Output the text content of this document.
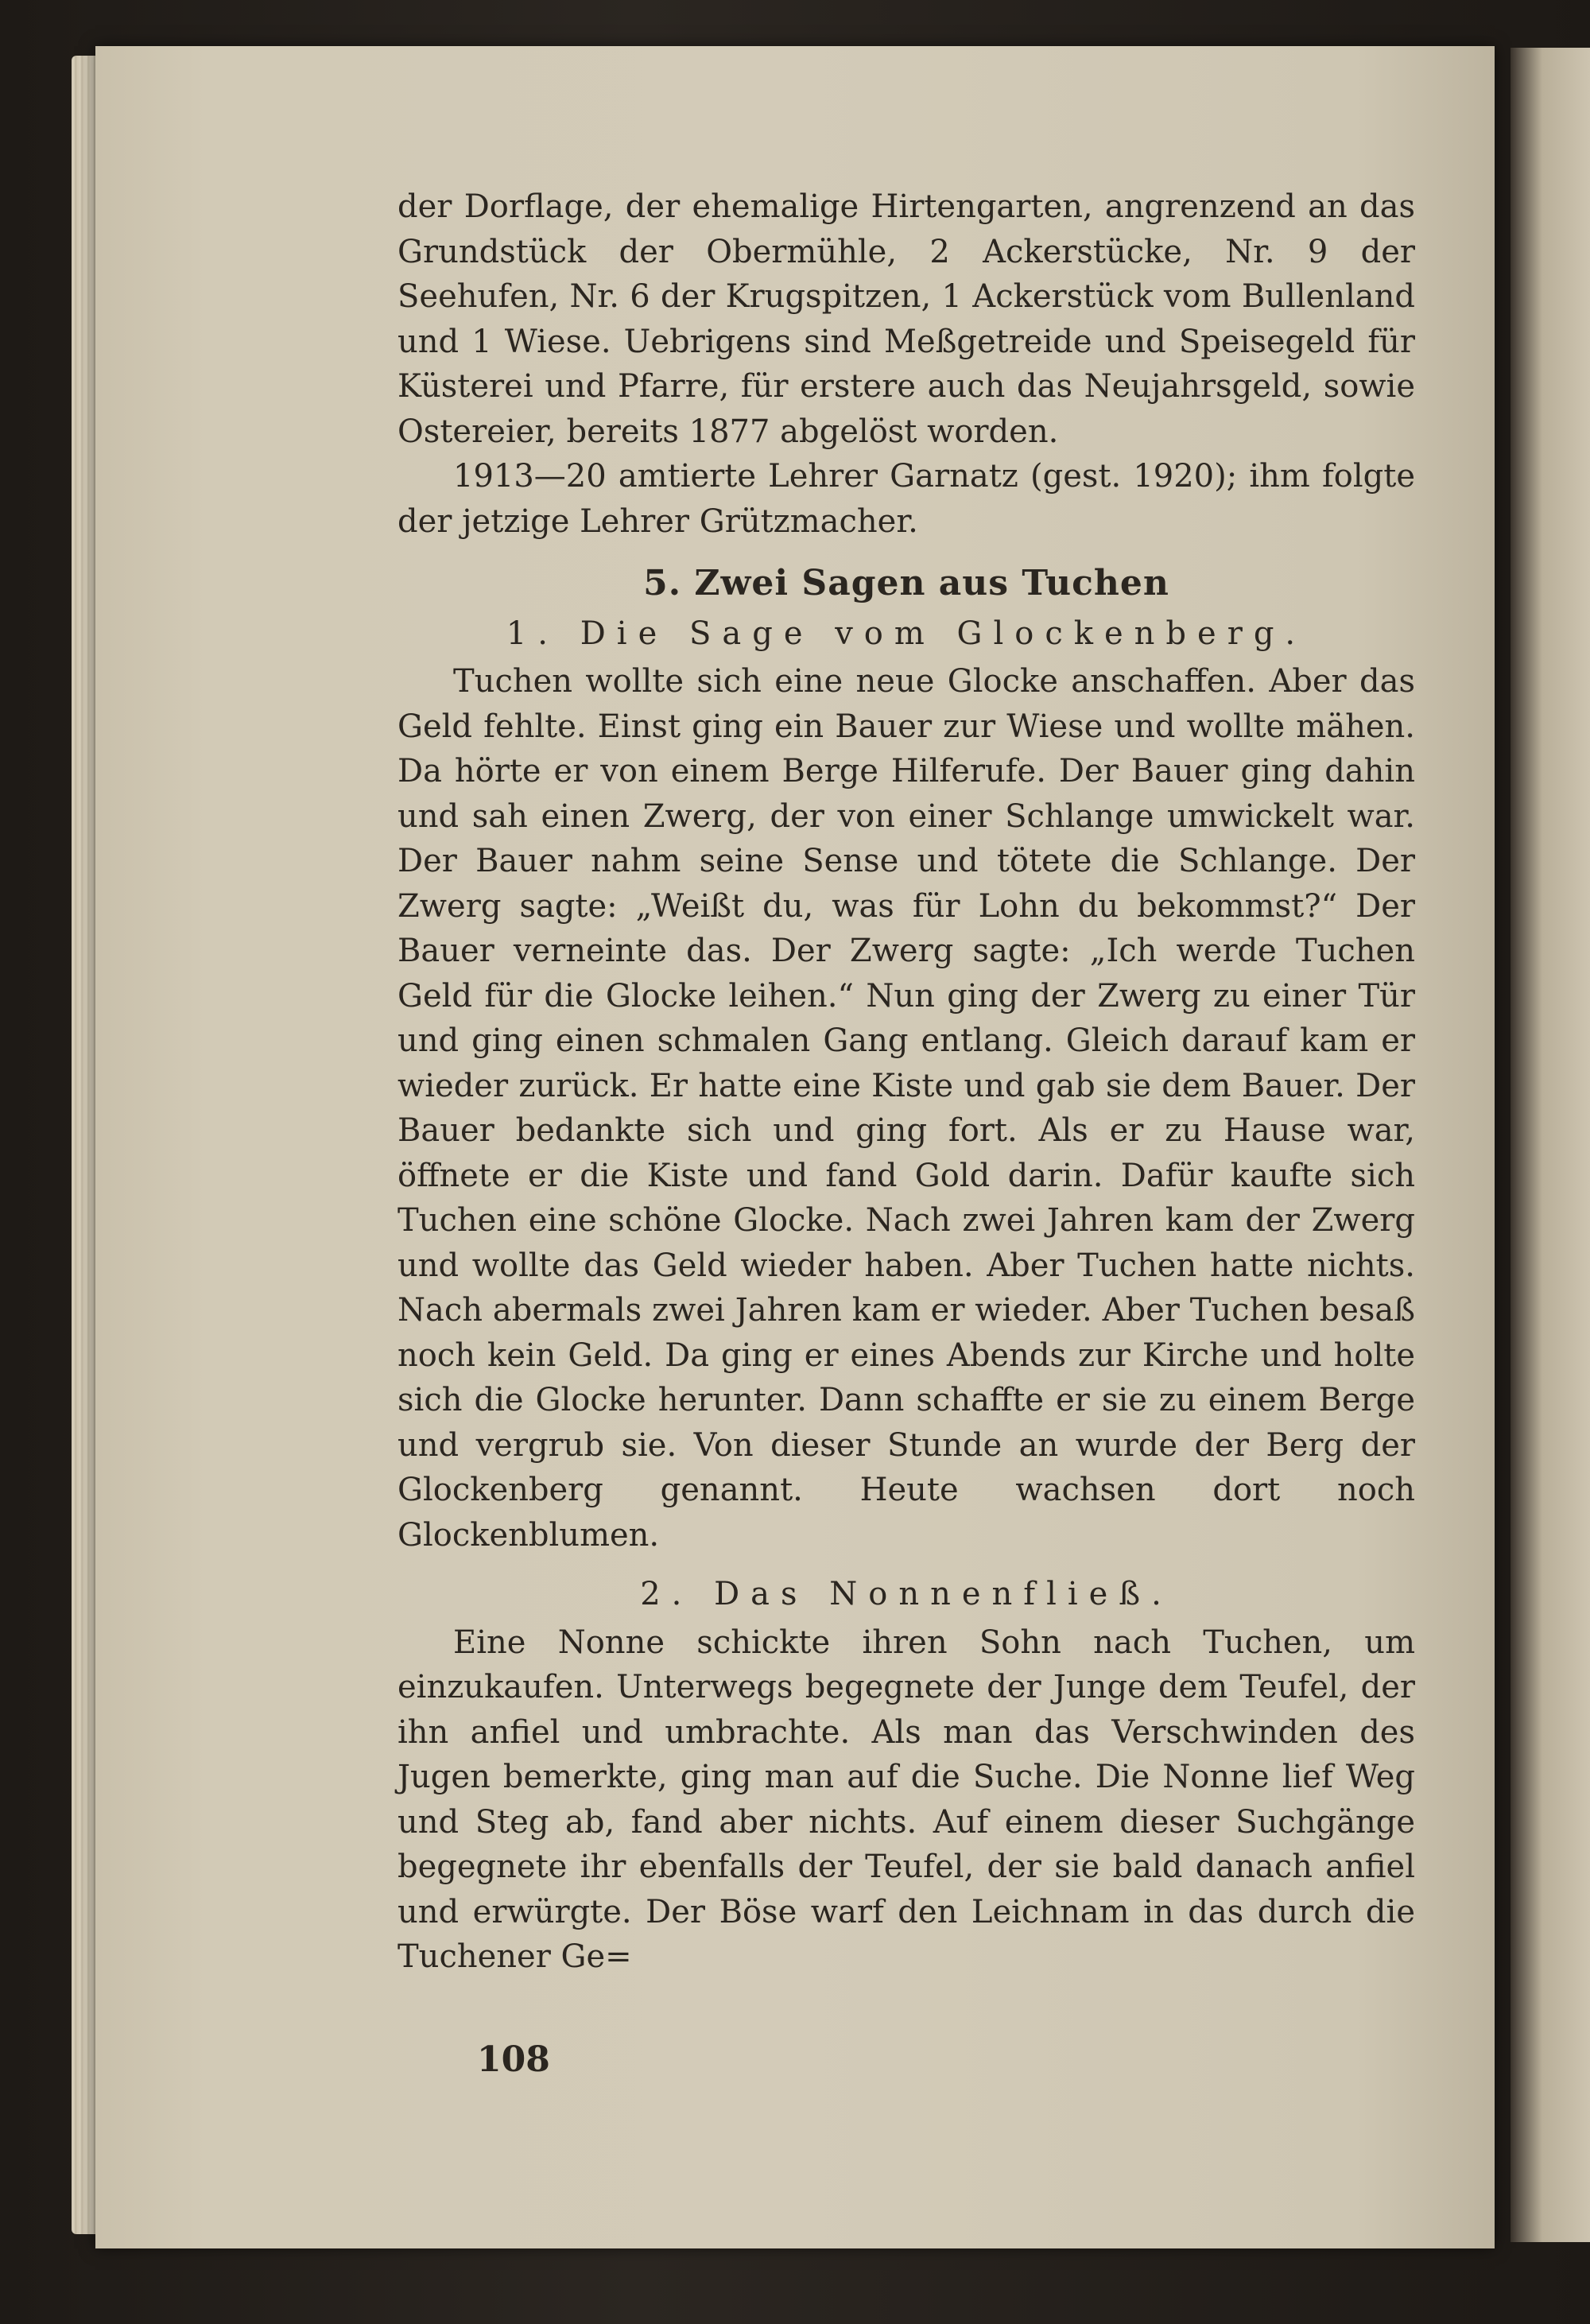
der Dorflage, der ehemalige Hirtengarten, angrenzend an das Grundstück der Obermühle, 2 Ackerstücke, Nr. 9 der Seehufen, Nr. 6 der Krugspitzen, 1 Ackerstück vom Bullenland und 1 Wiese. Uebrigens sind Meßgetreide und Speisegeld für Küsterei und Pfarre, für erstere auch das Neujahrsgeld, sowie Ostereier, bereits 1877 abgelöst worden.

1913—20 amtierte Lehrer Garnatz (gest. 1920); ihm folgte der jetzige Lehrer Grützmacher.

5. Zwei Sagen aus Tuchen
1. Die Sage vom Glockenberg.

Tuchen wollte sich eine neue Glocke anschaffen. Aber das Geld fehlte. Einst ging ein Bauer zur Wiese und wollte mähen. Da hörte er von einem Berge Hilferufe. Der Bauer ging dahin und sah einen Zwerg, der von einer Schlange umwickelt war. Der Bauer nahm seine Sense und tötete die Schlange. Der Zwerg sagte: „Weißt du, was für Lohn du bekommst?“ Der Bauer verneinte das. Der Zwerg sagte: „Ich werde Tuchen Geld für die Glocke leihen.“ Nun ging der Zwerg zu einer Tür und ging einen schmalen Gang entlang. Gleich darauf kam er wieder zurück. Er hatte eine Kiste und gab sie dem Bauer. Der Bauer bedankte sich und ging fort. Als er zu Hause war, öffnete er die Kiste und fand Gold darin. Dafür kaufte sich Tuchen eine schöne Glocke. Nach zwei Jahren kam der Zwerg und wollte das Geld wieder haben. Aber Tuchen hatte nichts. Nach abermals zwei Jahren kam er wieder. Aber Tuchen besaß noch kein Geld. Da ging er eines Abends zur Kirche und holte sich die Glocke herunter. Dann schaffte er sie zu einem Berge und vergrub sie. Von dieser Stunde an wurde der Berg der Glockenberg genannt. Heute wachsen dort noch Glockenblumen.

2. Das Nonnenfließ.

Eine Nonne schickte ihren Sohn nach Tuchen, um einzukaufen. Unterwegs begegnete der Junge dem Teufel, der ihn anfiel und umbrachte. Als man das Verschwinden des Jugen bemerkte, ging man auf die Suche. Die Nonne lief Weg und Steg ab, fand aber nichts. Auf einem dieser Suchgänge begegnete ihr ebenfalls der Teufel, der sie bald danach anfiel und erwürgte. Der Böse warf den Leichnam in das durch die Tuchener Ge=

108
